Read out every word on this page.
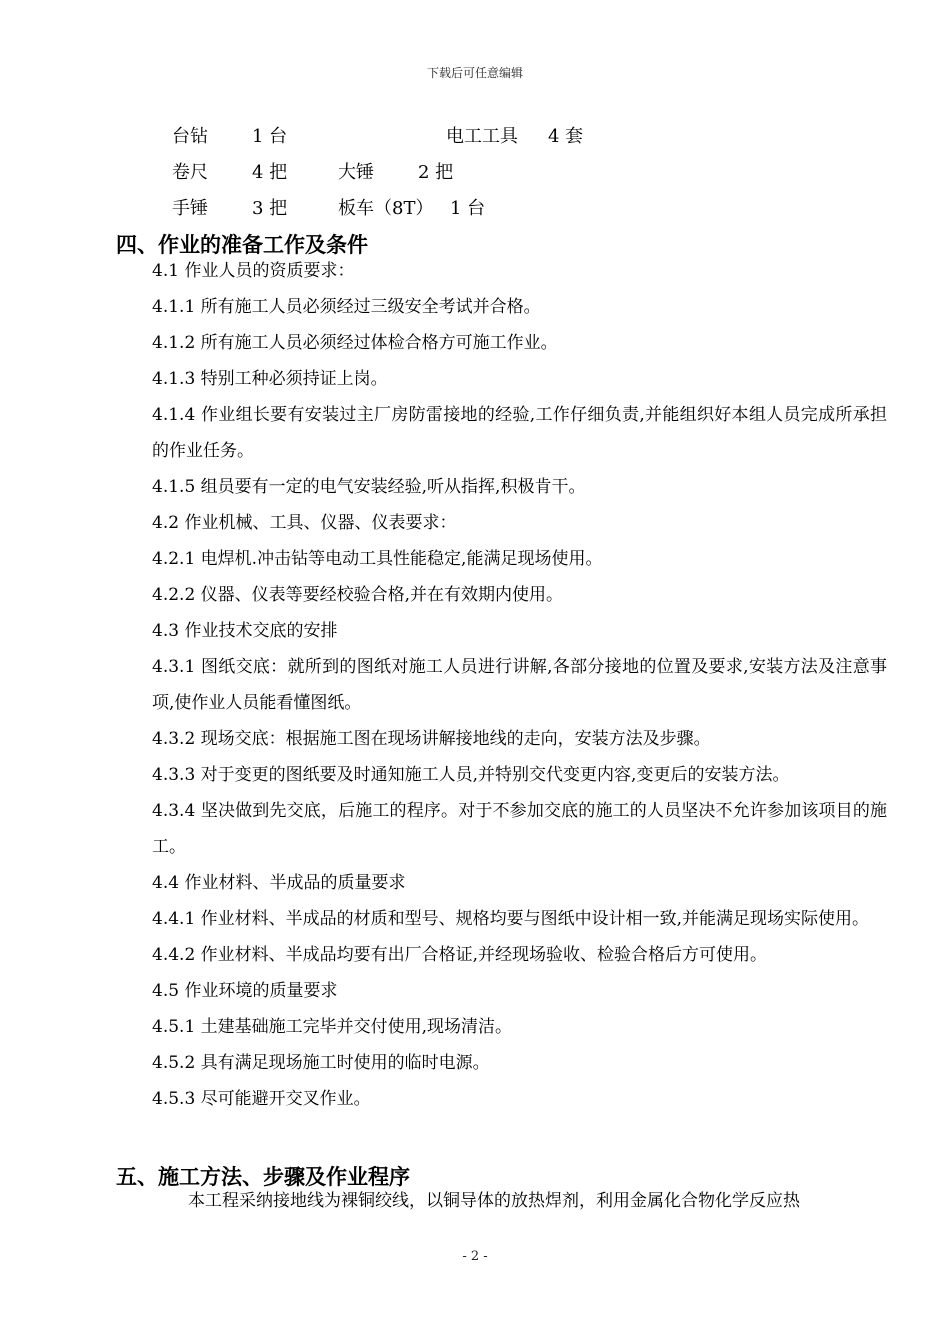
下载后可任意编辑
台钻 1 台	电工工具 4 套
卷尺 4 把	大锤 2 把
手锤 3 把	板车（8T） 1 台
四、作业的准备工作及条件

4.1 作业人员的资质要求：

4.1.1 所有施工人员必须经过三级安全考试并合格。

4.1.2 所有施工人员必须经过体检合格方可施工作业。

4.1.3 特别工种必须持证上岗。

4.1.4 作业组长要有安装过主厂房防雷接地的经验,工作仔细负责,并能组织好本组人员完成所承担的作业任务。

4.1.5 组员要有一定的电气安装经验,听从指挥,积极肯干。

4.2 作业机械、工具、仪器、仪表要求：

4.2.1 电焊机.冲击钻等电动工具性能稳定,能满足现场使用。

4.2.2 仪器、仪表等要经校验合格,并在有效期内使用。

4.3 作业技术交底的安排

4.3.1 图纸交底：就所到的图纸对施工人员进行讲解,各部分接地的位置及要求,安装方法及注意事项,使作业人员能看懂图纸。

4.3.2 现场交底：根据施工图在现场讲解接地线的走向，安装方法及步骤。

4.3.3 对于变更的图纸要及时通知施工人员,并特别交代变更内容,变更后的安装方法。

4.3.4 坚决做到先交底，后施工的程序。对于不参加交底的施工的人员坚决不允许参加该项目的施工。

4.4 作业材料、半成品的质量要求

4.4.1 作业材料、半成品的材质和型号、规格均要与图纸中设计相一致,并能满足现场实际使用。

4.4.2 作业材料、半成品均要有出厂合格证,并经现场验收、检验合格后方可使用。

4.5 作业环境的质量要求

4.5.1 土建基础施工完毕并交付使用,现场清洁。

4.5.2 具有满足现场施工时使用的临时电源。

4.5.3 尽可能避开交叉作业。

五、施工方法、步骤及作业程序

本工程采纳接地线为裸铜绞线，以铜导体的放热焊剂，利用金属化合物化学反应热

- 2 -
